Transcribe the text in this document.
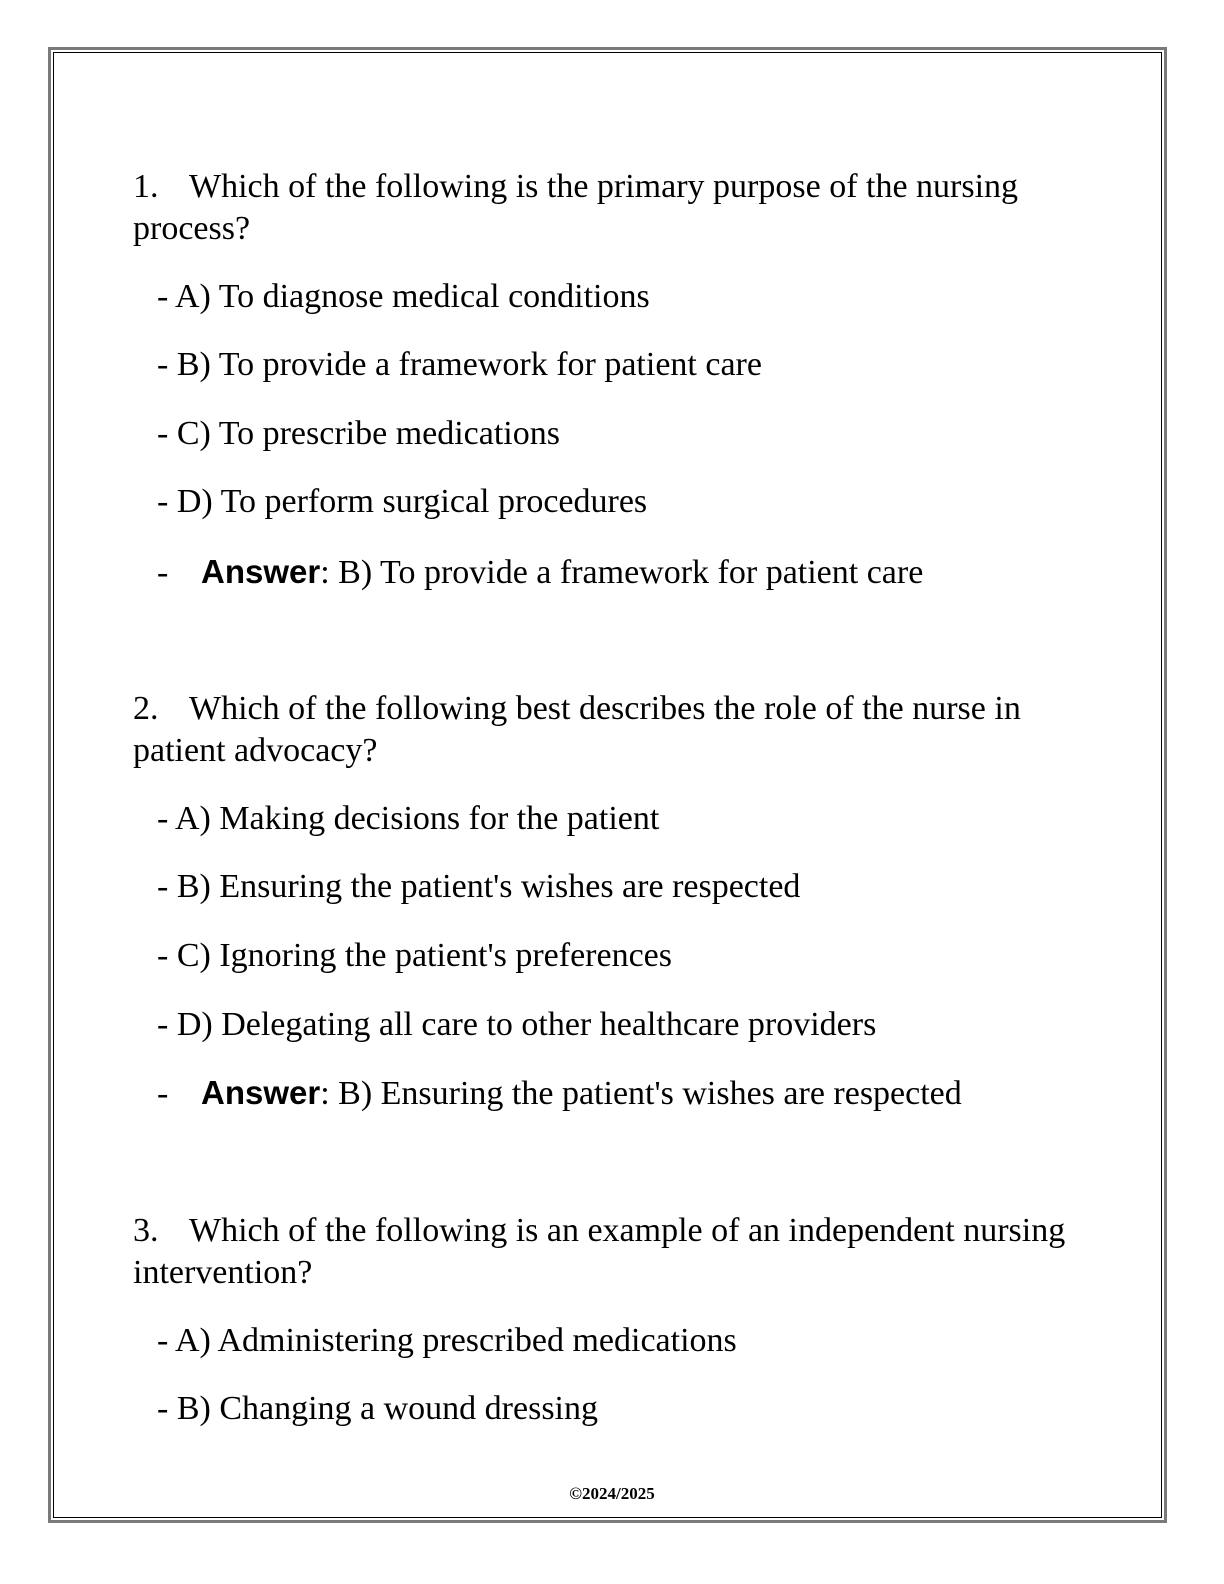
1. Which of the following is the primary purpose of the nursing process?
- A) To diagnose medical conditions
- B) To provide a framework for patient care
- C) To prescribe medications
- D) To perform surgical procedures
- Answer: B) To provide a framework for patient care
2. Which of the following best describes the role of the nurse in patient advocacy?
- A) Making decisions for the patient
- B) Ensuring the patient's wishes are respected
- C) Ignoring the patient's preferences
- D) Delegating all care to other healthcare providers
- Answer: B) Ensuring the patient's wishes are respected
3. Which of the following is an example of an independent nursing intervention?
- A) Administering prescribed medications
- B) Changing a wound dressing
©2024/2025
